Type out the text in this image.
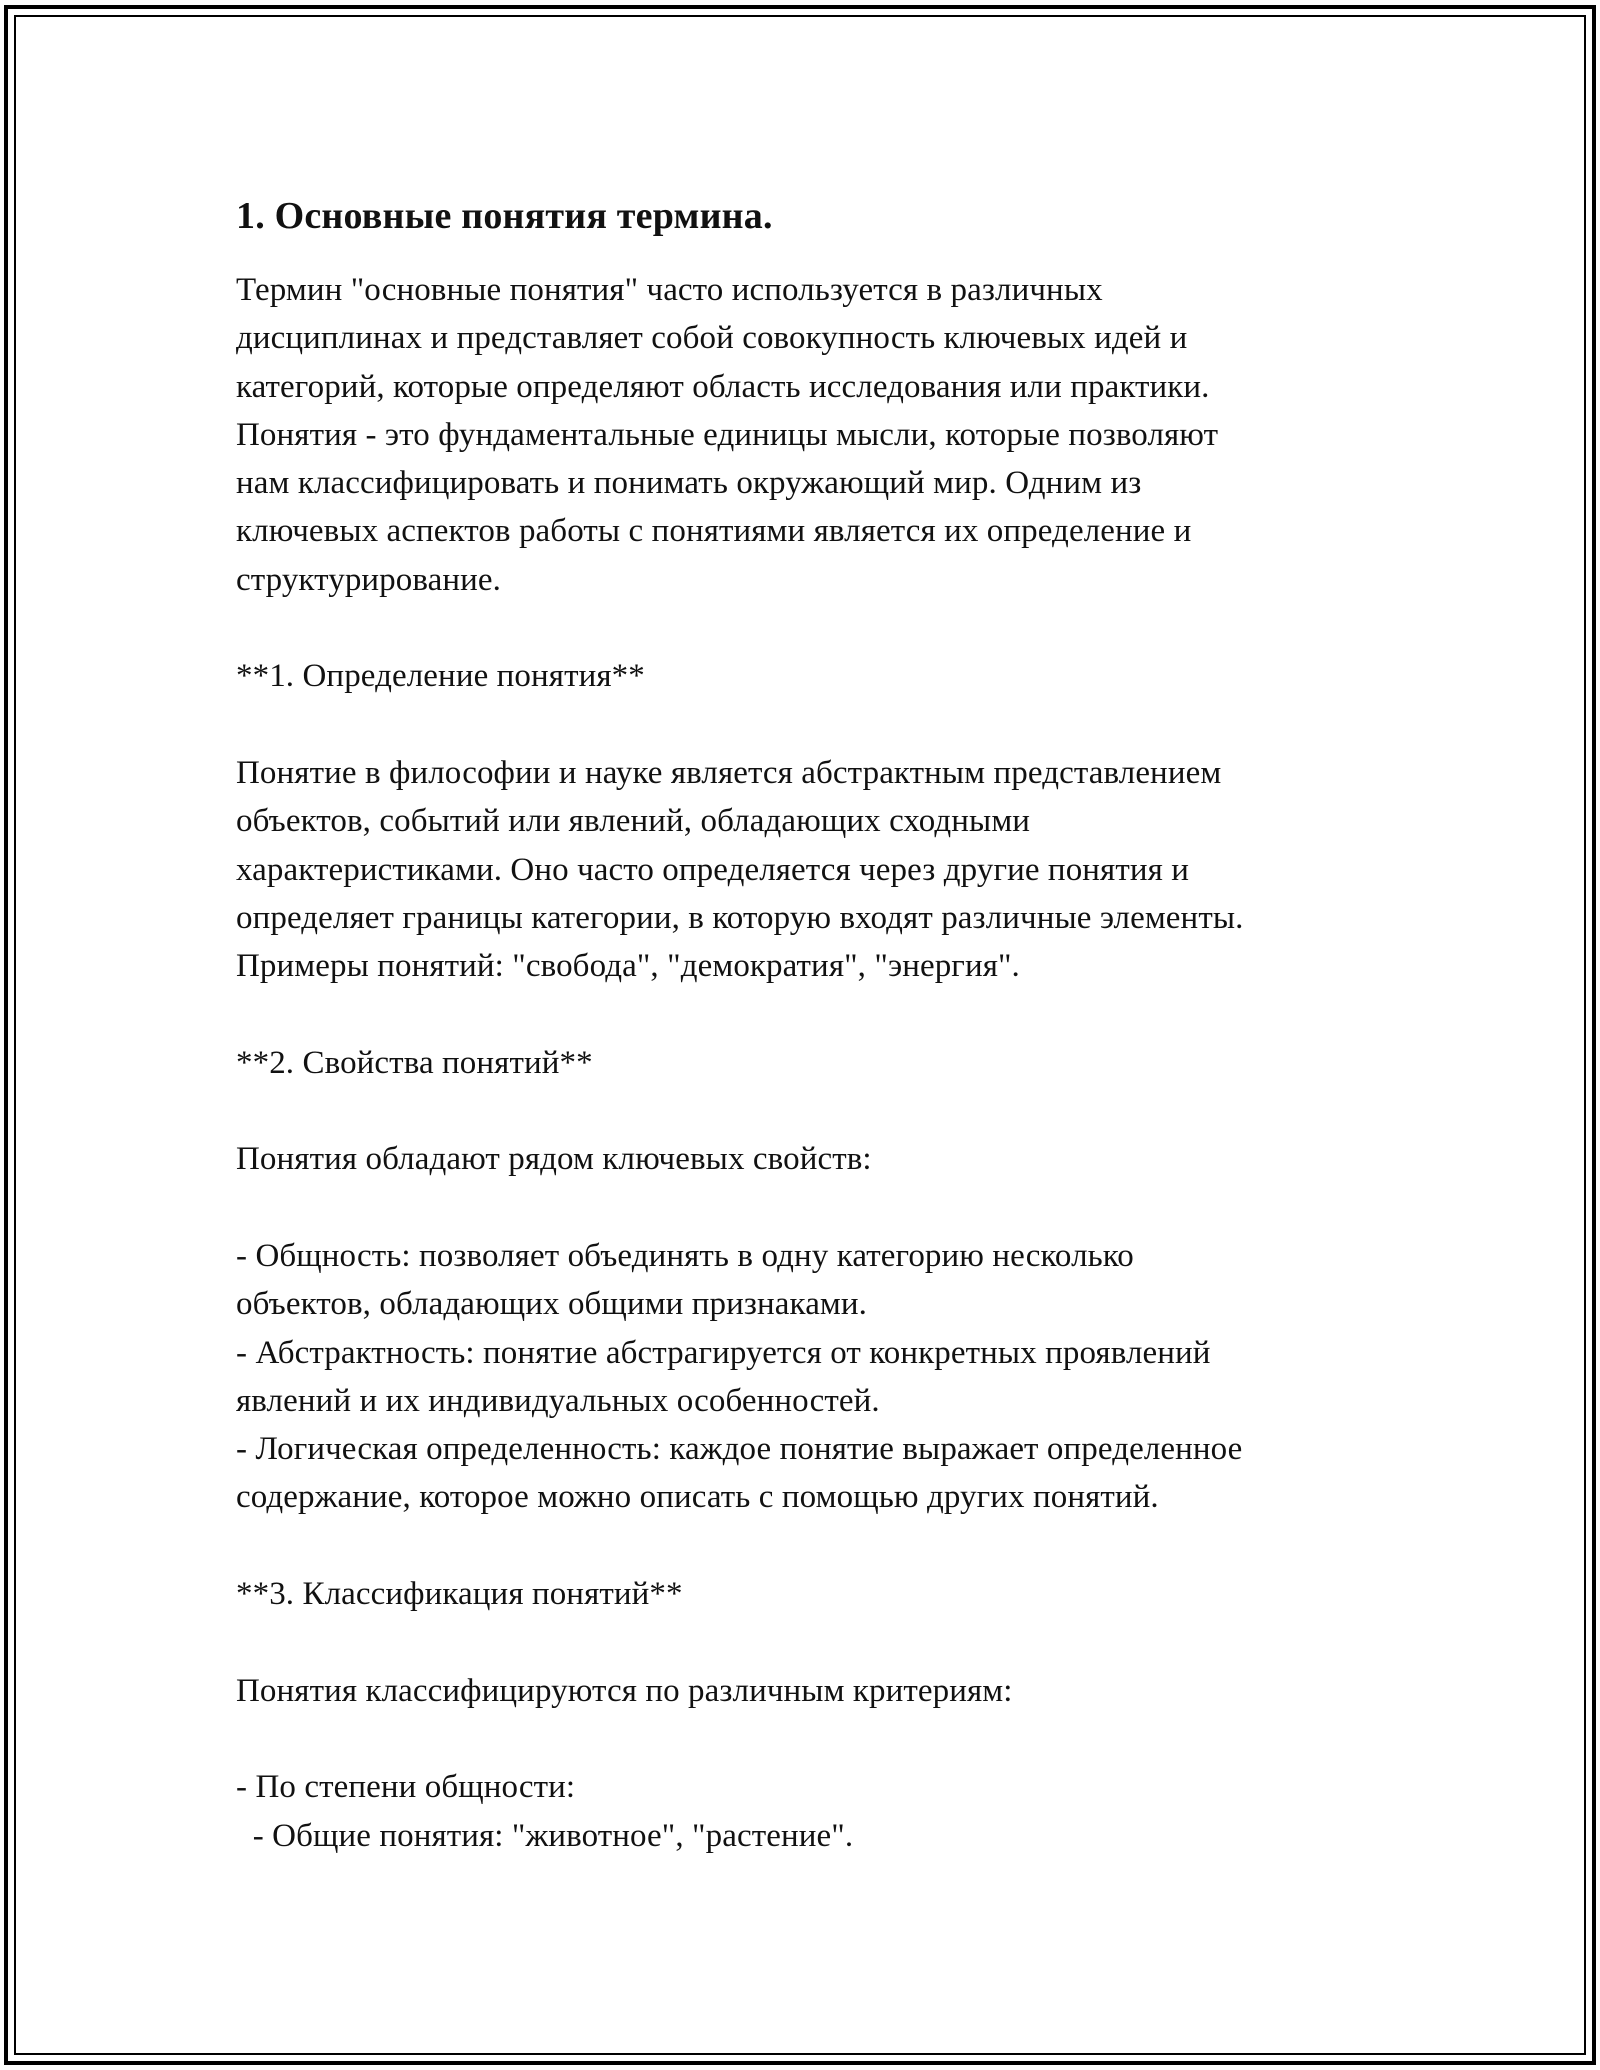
1. Основные понятия термина.

Термин "основные понятия" часто используется в различных
дисциплинах и представляет собой совокупность ключевых идей и
категорий, которые определяют область исследования или практики.
Понятия - это фундаментальные единицы мысли, которые позволяют
нам классифицировать и понимать окружающий мир. Одним из
ключевых аспектов работы с понятиями является их определение и
структурирование.

**1. Определение понятия**

Понятие в философии и науке является абстрактным представлением
объектов, событий или явлений, обладающих сходными
характеристиками. Оно часто определяется через другие понятия и
определяет границы категории, в которую входят различные элементы.
Примеры понятий: "свобода", "демократия", "энергия".

**2. Свойства понятий**

Понятия обладают рядом ключевых свойств:

- Общность: позволяет объединять в одну категорию несколько
объектов, обладающих общими признаками.
- Абстрактность: понятие абстрагируется от конкретных проявлений
явлений и их индивидуальных особенностей.
- Логическая определенность: каждое понятие выражает определенное
содержание, которое можно описать с помощью других понятий.

**3. Классификация понятий**

Понятия классифицируются по различным критериям:

- По степени общности:
- Общие понятия: "животное", "растение".
